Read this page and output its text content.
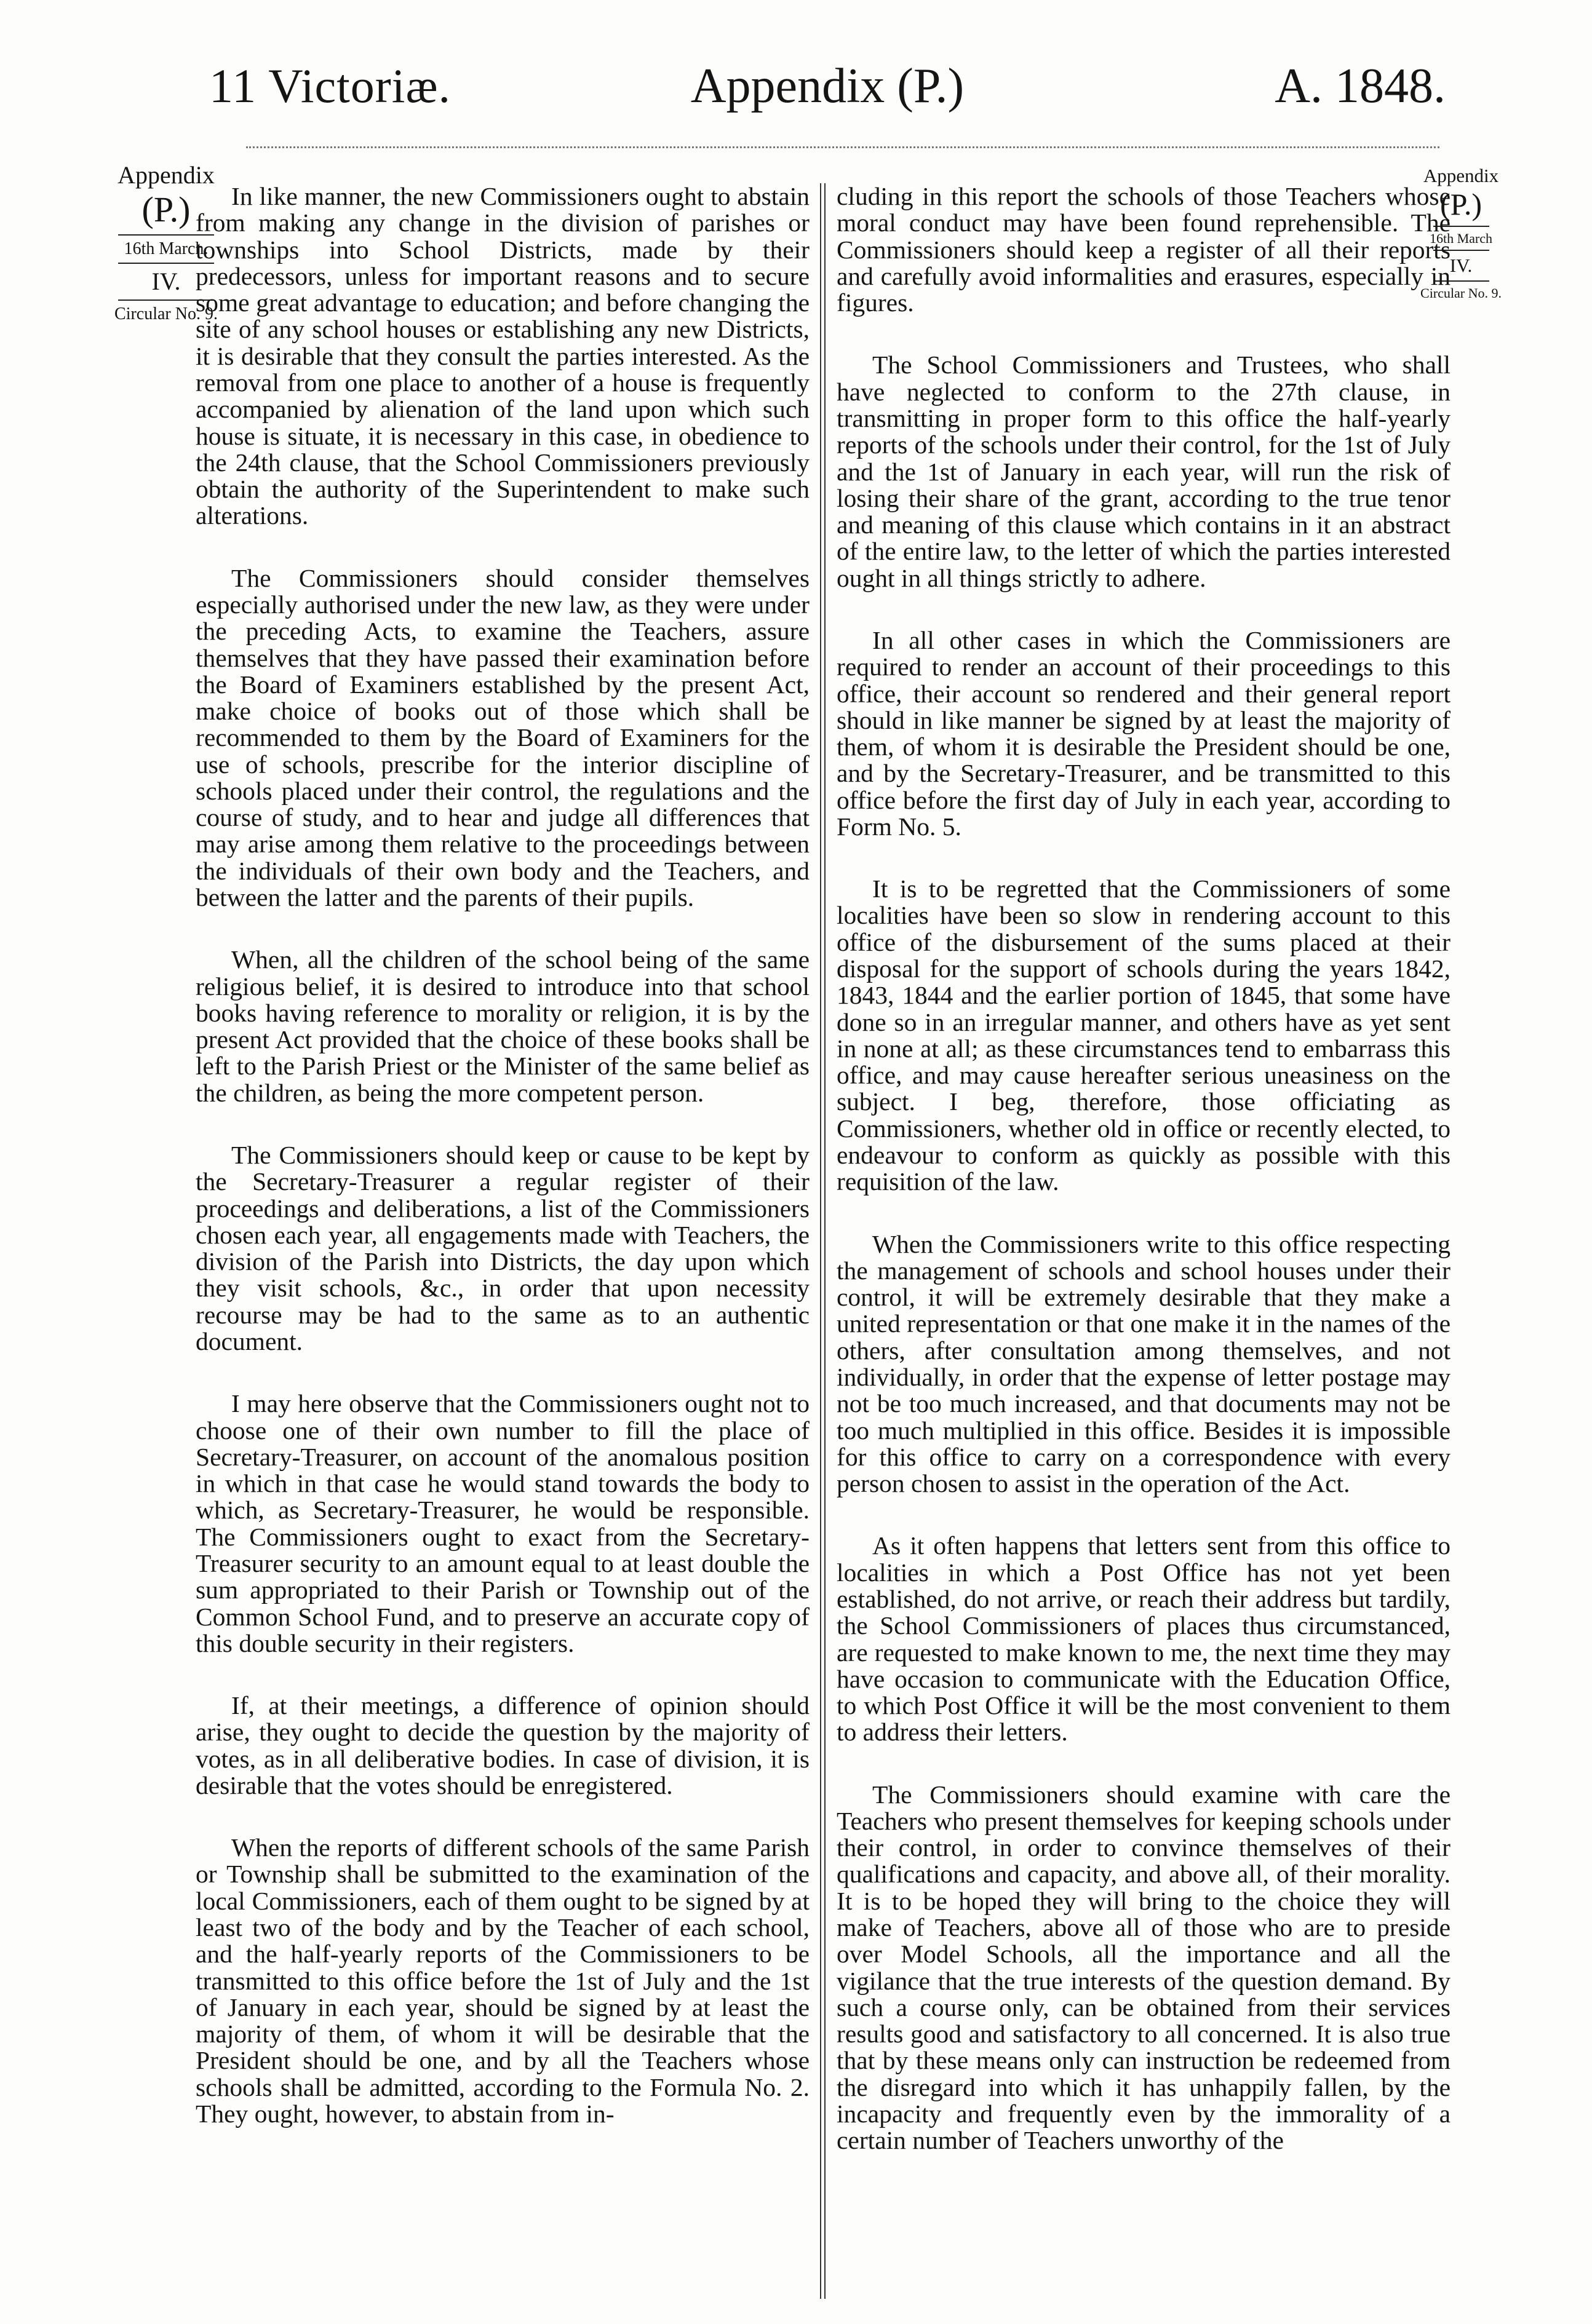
11 Victoriæ.	Appendix (P.)	A. 1848.
Appendix
(P.)
16th March.
IV.
Circular No. 9.
Appendix
(P.)
16th March
IV.
Circular No. 9.

In like manner, the new Commissioners ought to abstain from making any change in the division of parishes or townships into School Districts, made by their predecessors, unless for important reasons and to secure some great advantage to education; and before changing the site of any school houses or establishing any new Districts, it is desirable that they consult the parties interested. As the removal from one place to another of a house is frequently accompanied by alienation of the land upon which such house is situate, it is necessary in this case, in obedience to the 24th clause, that the School Commissioners previously obtain the authority of the Superintendent to make such alterations.

The Commissioners should consider themselves especially authorised under the new law, as they were under the preceding Acts, to examine the Teachers, assure themselves that they have passed their examination before the Board of Examiners established by the present Act, make choice of books out of those which shall be recommended to them by the Board of Examiners for the use of schools, prescribe for the interior discipline of schools placed under their control, the regulations and the course of study, and to hear and judge all differences that may arise among them relative to the proceedings between the individuals of their own body and the Teachers, and between the latter and the parents of their pupils.

When, all the children of the school being of the same religious belief, it is desired to introduce into that school books having reference to morality or religion, it is by the present Act provided that the choice of these books shall be left to the Parish Priest or the Minister of the same belief as the children, as being the more competent person.

The Commissioners should keep or cause to be kept by the Secretary-Treasurer a regular register of their proceedings and deliberations, a list of the Commissioners chosen each year, all engagements made with Teachers, the division of the Parish into Districts, the day upon which they visit schools, &c., in order that upon necessity recourse may be had to the same as to an authentic document.

I may here observe that the Commissioners ought not to choose one of their own number to fill the place of Secretary-Treasurer, on account of the anomalous position in which in that case he would stand towards the body to which, as Secretary-Treasurer, he would be responsible. The Commissioners ought to exact from the Secretary-Treasurer security to an amount equal to at least double the sum appropriated to their Parish or Township out of the Common School Fund, and to preserve an accurate copy of this double security in their registers.

If, at their meetings, a difference of opinion should arise, they ought to decide the question by the majority of votes, as in all deliberative bodies. In case of division, it is desirable that the votes should be enregistered.

When the reports of different schools of the same Parish or Township shall be submitted to the examination of the local Commissioners, each of them ought to be signed by at least two of the body and by the Teacher of each school, and the half-yearly reports of the Commissioners to be transmitted to this office before the 1st of July and the 1st of January in each year, should be signed by at least the majority of them, of whom it will be desirable that the President should be one, and by all the Teachers whose schools shall be admitted, according to the Formula No. 2. They ought, however, to abstain from in-

cluding in this report the schools of those Teachers whose moral conduct may have been found reprehensible. The Commissioners should keep a register of all their reports and carefully avoid informalities and erasures, especially in figures.

The School Commissioners and Trustees, who shall have neglected to conform to the 27th clause, in transmitting in proper form to this office the half-yearly reports of the schools under their control, for the 1st of July and the 1st of January in each year, will run the risk of losing their share of the grant, according to the true tenor and meaning of this clause which contains in it an abstract of the entire law, to the letter of which the parties interested ought in all things strictly to adhere.

In all other cases in which the Commissioners are required to render an account of their proceedings to this office, their account so rendered and their general report should in like manner be signed by at least the majority of them, of whom it is desirable the President should be one, and by the Secretary-Treasurer, and be transmitted to this office before the first day of July in each year, according to Form No. 5.

It is to be regretted that the Commissioners of some localities have been so slow in rendering account to this office of the disbursement of the sums placed at their disposal for the support of schools during the years 1842, 1843, 1844 and the earlier portion of 1845, that some have done so in an irregular manner, and others have as yet sent in none at all; as these circumstances tend to embarrass this office, and may cause hereafter serious uneasiness on the subject. I beg, therefore, those officiating as Commissioners, whether old in office or recently elected, to endeavour to conform as quickly as possible with this requisition of the law.

When the Commissioners write to this office respecting the management of schools and school houses under their control, it will be extremely desirable that they make a united representation or that one make it in the names of the others, after consultation among themselves, and not individually, in order that the expense of letter postage may not be too much increased, and that documents may not be too much multiplied in this office. Besides it is impossible for this office to carry on a correspondence with every person chosen to assist in the operation of the Act.

As it often happens that letters sent from this office to localities in which a Post Office has not yet been established, do not arrive, or reach their address but tardily, the School Commissioners of places thus circumstanced, are requested to make known to me, the next time they may have occasion to communicate with the Education Office, to which Post Office it will be the most convenient to them to address their letters.

The Commissioners should examine with care the Teachers who present themselves for keeping schools under their control, in order to convince themselves of their qualifications and capacity, and above all, of their morality. It is to be hoped they will bring to the choice they will make of Teachers, above all of those who are to preside over Model Schools, all the importance and all the vigilance that the true interests of the question demand. By such a course only, can be obtained from their services results good and satisfactory to all concerned. It is also true that by these means only can instruction be redeemed from the disregard into which it has unhappily fallen, by the incapacity and frequently even by the immorality of a certain number of Teachers unworthy of the
